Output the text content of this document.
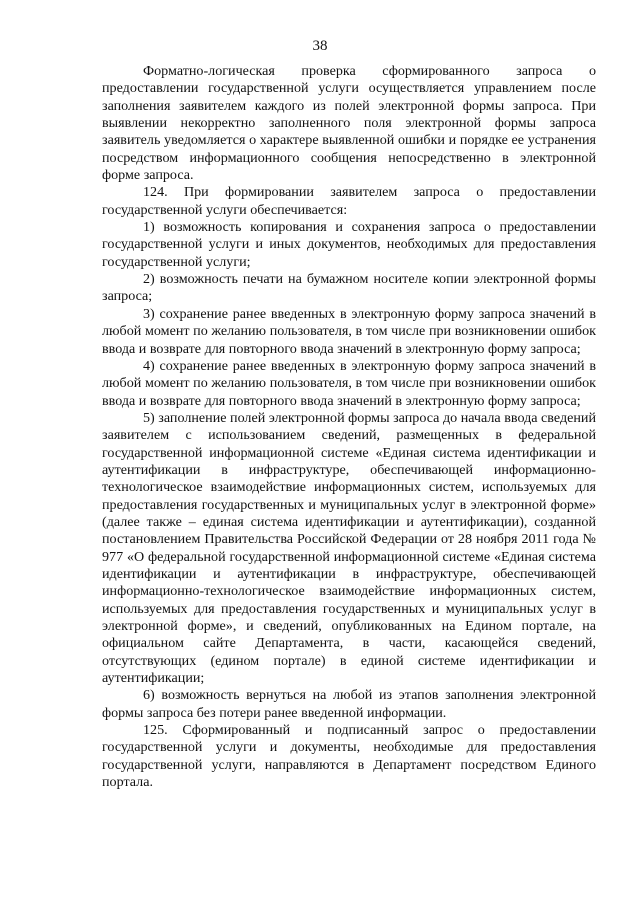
38

Форматно-логическая проверка сформированного запроса о предоставлении государственной услуги осуществляется управлением после заполнения заявителем каждого из полей электронной формы запроса. При выявлении некорректно заполненного поля электронной формы запроса заявитель уведомляется о характере выявленной ошибки и порядке ее устранения посредством информационного сообщения непосредственно в электронной форме запроса.

124. При формировании заявителем запроса о предоставлении государственной услуги обеспечивается:

1) возможность копирования и сохранения запроса о предоставлении государственной услуги и иных документов, необходимых для предоставления государственной услуги;

2) возможность печати на бумажном носителе копии электронной формы запроса;

3) сохранение ранее введенных в электронную форму запроса значений в любой момент по желанию пользователя, в том числе при возникновении ошибок ввода и возврате для повторного ввода значений в электронную форму запроса;

4) сохранение ранее введенных в электронную форму запроса значений в любой момент по желанию пользователя, в том числе при возникновении ошибок ввода и возврате для повторного ввода значений в электронную форму запроса;

5) заполнение полей электронной формы запроса до начала ввода сведений заявителем с использованием сведений, размещенных в федеральной государственной информационной системе «Единая система идентификации и аутентификации в инфраструктуре, обеспечивающей информационно-технологическое взаимодействие информационных систем, используемых для предоставления государственных и муниципальных услуг в электронной форме» (далее также – единая система идентификации и аутентификации), созданной постановлением Правительства Российской Федерации от 28 ноября 2011 года № 977 «О федеральной государственной информационной системе «Единая система идентификации и аутентификации в инфраструктуре, обеспечивающей информационно-технологическое взаимодействие информационных систем, используемых для предоставления государственных и муниципальных услуг в электронной форме», и сведений, опубликованных на Едином портале, на официальном сайте Департамента, в части, касающейся сведений, отсутствующих (едином портале) в единой системе идентификации и аутентификации;

6) возможность вернуться на любой из этапов заполнения электронной формы запроса без потери ранее введенной информации.

125. Сформированный и подписанный запрос о предоставлении государственной услуги и документы, необходимые для предоставления государственной услуги, направляются в Департамент посредством Единого портала.
